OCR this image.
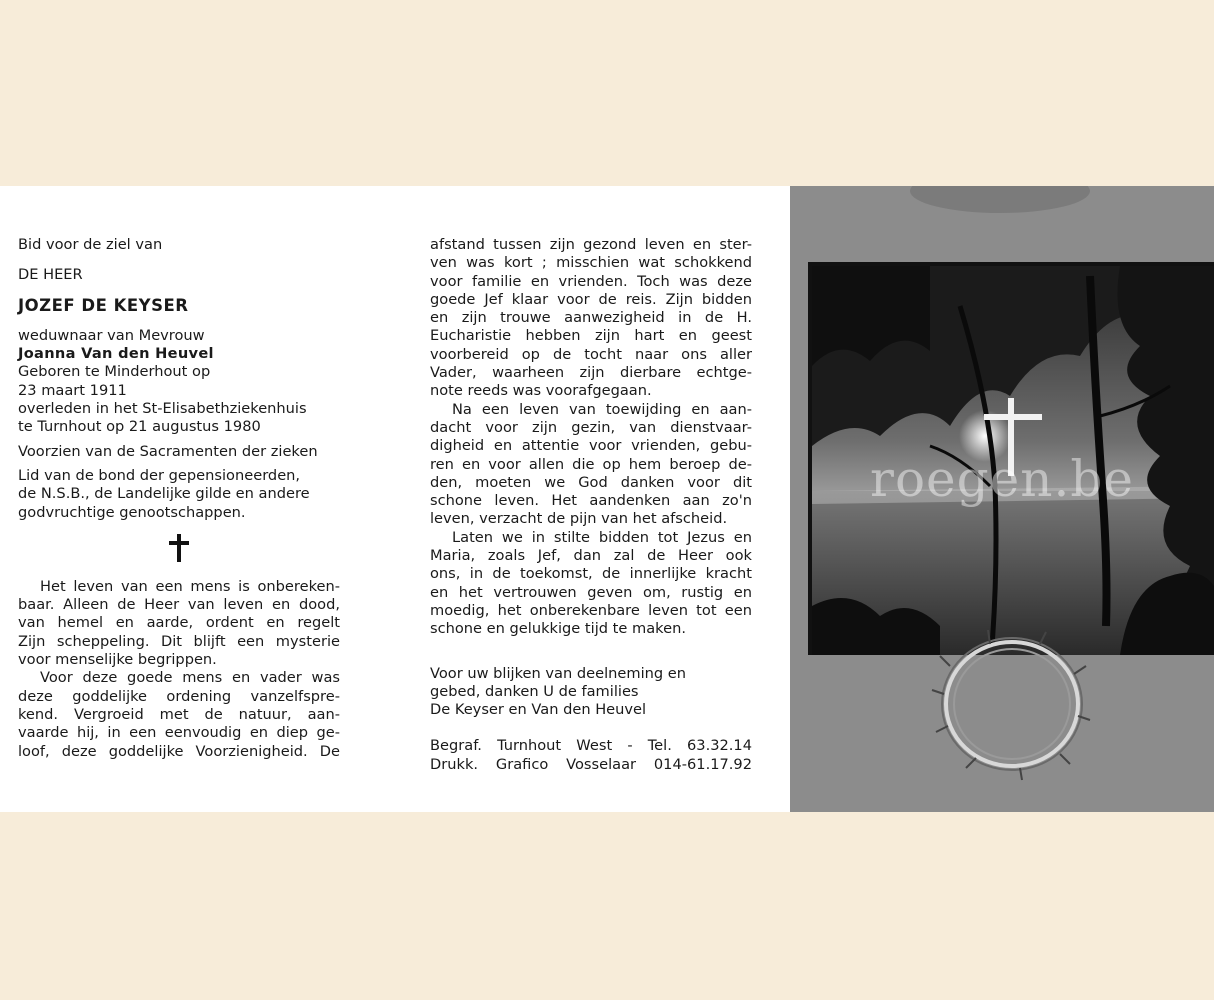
Bid voor de ziel van
DE HEER
JOZEF DE KEYSER
weduwnaar van Mevrouw
Joanna Van den Heuvel
Geboren te Minderhout op
23 maart 1911
overleden in het St-Elisabethziekenhuis
te Turnhout op 21 augustus 1980
Voorzien van de Sacramenten der zieken
Lid van de bond der gepensioneerden,
de N.S.B., de Landelijke gilde en andere
godvruchtige genootschappen.
Het leven van een mens is onbereken-
baar. Alleen de Heer van leven en dood,
van hemel en aarde, ordent en regelt
Zijn scheppeling. Dit blijft een mysterie
voor menselijke begrippen.
Voor deze goede mens en vader was
deze goddelijke ordening vanzelfspre-
kend. Vergroeid met de natuur, aan-
vaarde hij, in een eenvoudig en diep ge-
loof, deze goddelijke Voorzienigheid. De
afstand tussen zijn gezond leven en ster-
ven was kort ; misschien wat schokkend
voor familie en vrienden. Toch was deze
goede Jef klaar voor de reis. Zijn bidden
en zijn trouwe aanwezigheid in de H.
Eucharistie hebben zijn hart en geest
voorbereid op de tocht naar ons aller
Vader, waarheen zijn dierbare echtge-
note reeds was voorafgegaan.
Na een leven van toewijding en aan-
dacht voor zijn gezin, van dienstvaar-
digheid en attentie voor vrienden, gebu-
ren en voor allen die op hem beroep de-
den, moeten we God danken voor dit
schone leven. Het aandenken aan zo'n
leven, verzacht de pijn van het afscheid.
Laten we in stilte bidden tot Jezus en
Maria, zoals Jef, dan zal de Heer ook
ons, in de toekomst, de innerlijke kracht
en het vertrouwen geven om, rustig en
moedig, het onberekenbare leven tot een
schone en gelukkige tijd te maken.
Voor uw blijken van deelneming en
gebed, danken U de families
De Keyser en Van den Heuvel
Begraf. Turnhout West - Tel. 63.32.14
Drukk. Grafico Vosselaar 014-61.17.92
roegen.be
